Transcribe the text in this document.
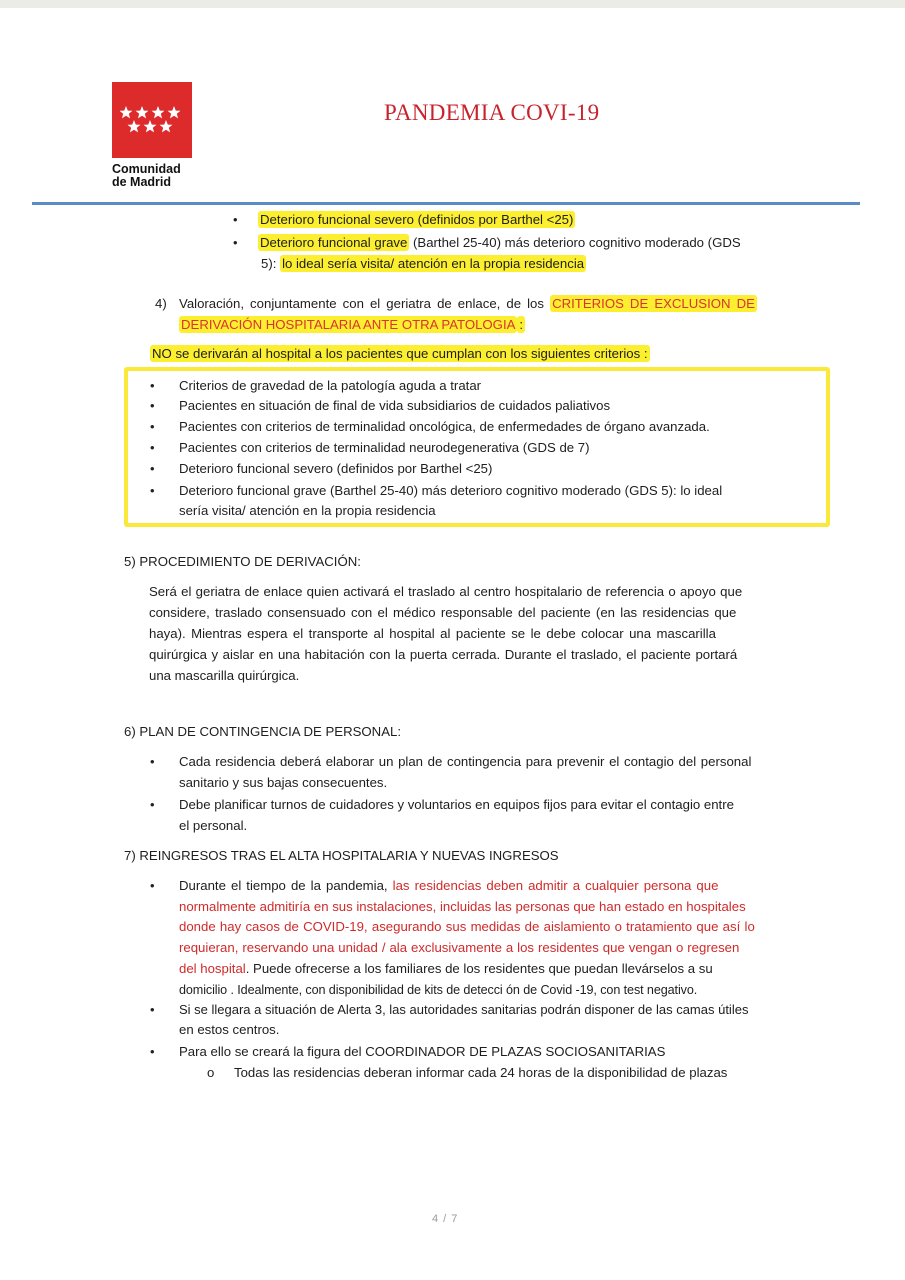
Comunidad
de Madrid
PANDEMIA COVI-19
• Deterioro funcional severo (definidos por Barthel <25)
• Deterioro funcional grave (Barthel 25-40) más deterioro cognitivo moderado (GDS
5): lo ideal sería visita/ atención en la propia residencia
4) Valoración, conjuntamente con el geriatra de enlace, de los CRITERIOS DE EXCLUSION DE
DERIVACIÓN HOSPITALARIA ANTE OTRA PATOLOGIA :
NO se derivarán al hospital a los pacientes que cumplan con los siguientes criterios :
• Criterios de gravedad de la patología aguda a tratar
• Pacientes en situación de final de vida subsidiarios de cuidados paliativos
• Pacientes con criterios de terminalidad oncológica, de enfermedades de órgano avanzada.
• Pacientes con criterios de terminalidad neurodegenerativa (GDS de 7)
• Deterioro funcional severo (definidos por Barthel <25)
• Deterioro funcional grave (Barthel 25-40) más deterioro cognitivo moderado (GDS 5): lo ideal
sería visita/ atención en la propia residencia
5) PROCEDIMIENTO DE DERIVACIÓN:
Será el geriatra de enlace quien activará el traslado al centro hospitalario de referencia o apoyo que
considere, traslado consensuado con el médico responsable del paciente (en las residencias que
haya). Mientras espera el transporte al hospital al paciente se le debe colocar una mascarilla
quirúrgica y aislar en una habitación con la puerta cerrada. Durante el traslado, el paciente portará
una mascarilla quirúrgica.
6) PLAN DE CONTINGENCIA DE PERSONAL:
• Cada residencia deberá elaborar un plan de contingencia para prevenir el contagio del personal
sanitario y sus bajas consecuentes.
• Debe planificar turnos de cuidadores y voluntarios en equipos fijos para evitar el contagio entre
el personal.
7) REINGRESOS TRAS EL ALTA HOSPITALARIA Y NUEVAS INGRESOS
• Durante el tiempo de la pandemia, las residencias deben admitir a cualquier persona que
normalmente admitiría en sus instalaciones, incluidas las personas que han estado en hospitales
donde hay casos de COVID-19, asegurando sus medidas de aislamiento o tratamiento que así lo
requieran, reservando una unidad / ala exclusivamente a los residentes que vengan o regresen
del hospital. Puede ofrecerse a los familiares de los residentes que puedan llevárselos a su
domicilio . Idealmente, con disponibilidad de kits de detecci ón de Covid -19, con test negativo.
• Si se llegara a situación de Alerta 3, las autoridades sanitarias podrán disponer de las camas útiles
en estos centros.
• Para ello se creará la figura del COORDINADOR DE PLAZAS SOCIOSANITARIAS
o Todas las residencias deberan informar cada 24 horas de la disponibilidad de plazas
4 / 7
